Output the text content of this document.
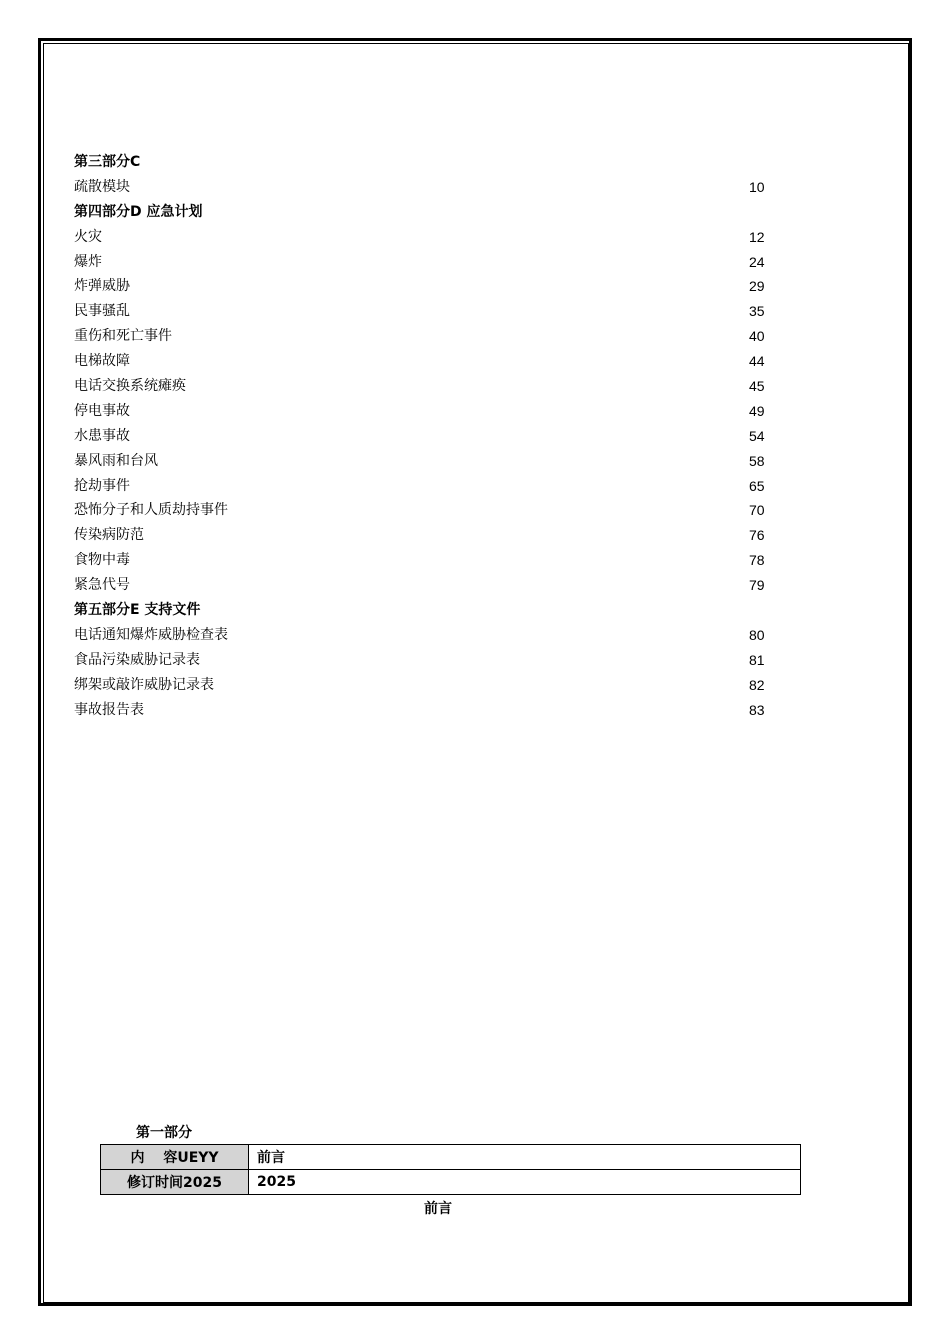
第三部分C
疏散模块	10
第四部分D 应急计划
火灾	12
爆炸	24
炸弹威胁	29
民事骚乱	35
重伤和死亡事件	40
电梯故障	44
电话交换系统瘫痪	45
停电事故	49
水患事故	54
暴风雨和台风	58
抢劫事件	65
恐怖分子和人质劫持事件	70
传染病防范	76
食物中毒	78
紧急代号	79
第五部分E 支持文件
电话通知爆炸威胁检查表	80
食品污染威胁记录表	81
绑架或敲诈威胁记录表	82
事故报告表	83
第一部分
内　 容UEYY	前言
修订时间2025	2025
前言
